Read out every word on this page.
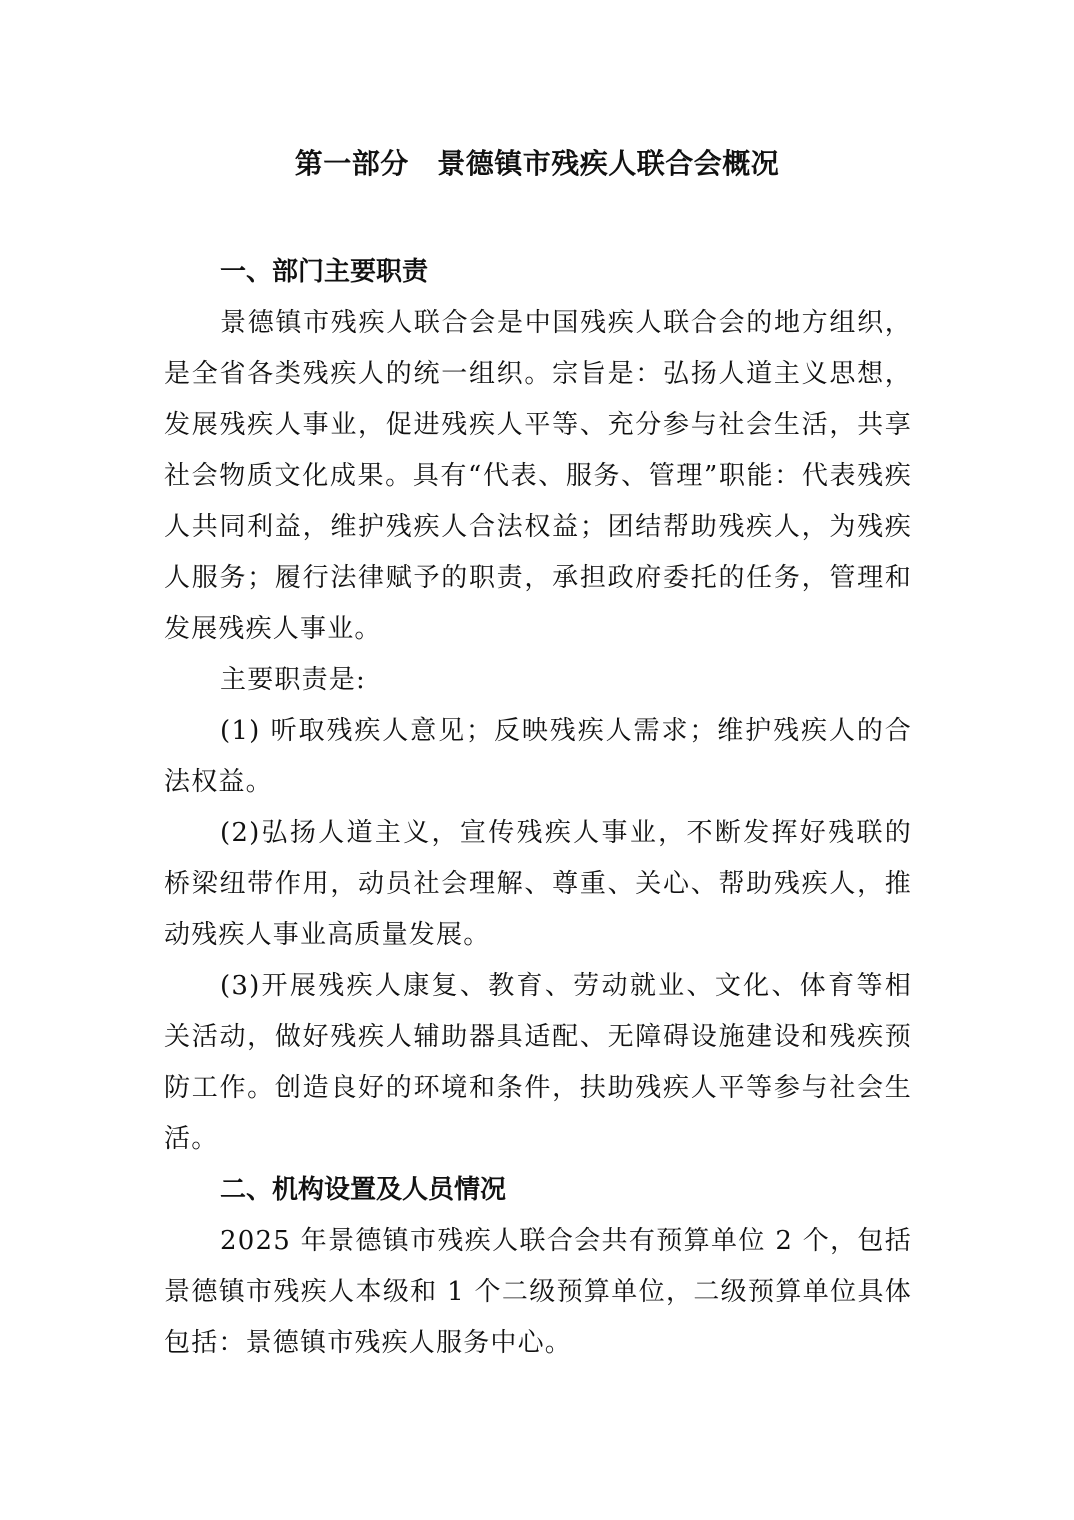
第一部分　景德镇市残疾人联合会概况
一、部门主要职责

景德镇市残疾人联合会是中国残疾人联合会的地方组织，是全省各类残疾人的统一组织。宗旨是：弘扬人道主义思想，发展残疾人事业，促进残疾人平等、充分参与社会生活，共享社会物质文化成果。具有“代表、服务、管理”职能：代表残疾人共同利益，维护残疾人合法权益；团结帮助残疾人，为残疾人服务；履行法律赋予的职责，承担政府委托的任务，管理和发展残疾人事业。

主要职责是:

(1) 听取残疾人意见；反映残疾人需求；维护残疾人的合法权益。

(2)弘扬人道主义，宣传残疾人事业，不断发挥好残联的桥梁纽带作用，动员社会理解、尊重、关心、帮助残疾人，推动残疾人事业高质量发展。

(3)开展残疾人康复、教育、劳动就业、文化、体育等相关活动，做好残疾人辅助器具适配、无障碍设施建设和残疾预防工作。创造良好的环境和条件，扶助残疾人平等参与社会生活。

二、机构设置及人员情况

2025 年景德镇市残疾人联合会共有预算单位 2 个，包括景德镇市残疾人本级和 1 个二级预算单位，二级预算单位具体包括：景德镇市残疾人服务中心。
